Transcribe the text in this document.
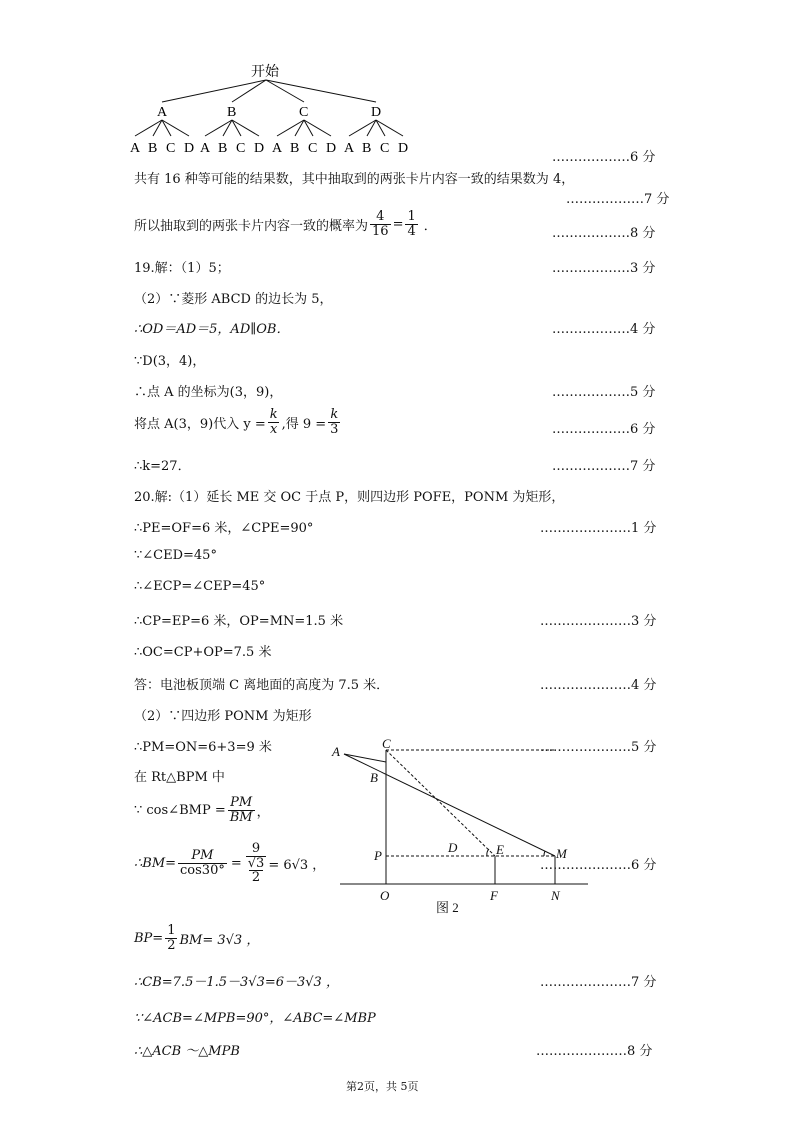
开始
A
A B C D
B
A B C D
C
A B C D
D
A B C D
………………6 分
共有 16 种等可能的结果数，其中抽取到的两张卡片内容一致的结果数为 4，
………………7 分
所以抽取到的两张卡片内容一致的概率为 $\frac{4}{16} = \frac{1}{4}$ ．	………………8 分
19.解：（1）5；	………………3 分
（2）∵菱形 ABCD 的边长为 5，
∴OD＝AD＝5，AD∥OB．	………………4 分
∵D(3，4)，
∴点 A 的坐标为(3，9)，	………………5 分
将点 A(3，9)代入 $y = \frac{k}{x}$ ,得 $9 = \frac{k}{3}$	………………6 分
∴k=27．	………………7 分
20.解:（1）延长 ME 交 OC 于点 P，则四边形 POFE，PONM 为矩形，
∴PE=OF=6 米，∠CPE=90°	…………………1 分
∵∠CED=45°
∴∠ECP=∠CEP=45°
∴CP=EP=6 米，OP=MN=1.5 米	…………………3 分
∴OC=CP+OP=7.5 米
答：电池板顶端 C 离地面的高度为 7.5 米．	…………………4 分
（2）∵四边形 PONM 为矩形
∴PM=ON=6+3=9 米	…………………5 分
在 Rt△BPM 中
∵ cos∠BMP = $\frac{PM}{BM}$ ，
∴BM= $\frac{PM}{\cos 30^\circ} = 9$
√3
2 = 6√3 ，	…………………6 分
$BP= \frac{1}{2} BM= 3√3$ ，
∴CB=7.5－1.5－3√3=6－3√3 ，	…………………7 分
∵∠ACB=∠MPB=90°，∠ABC=∠MBP
∴△ACB ～△MPB	…………………8 分
A
C
B
D	E	M
P
O	F	N
图 2
第2页，共 5页
